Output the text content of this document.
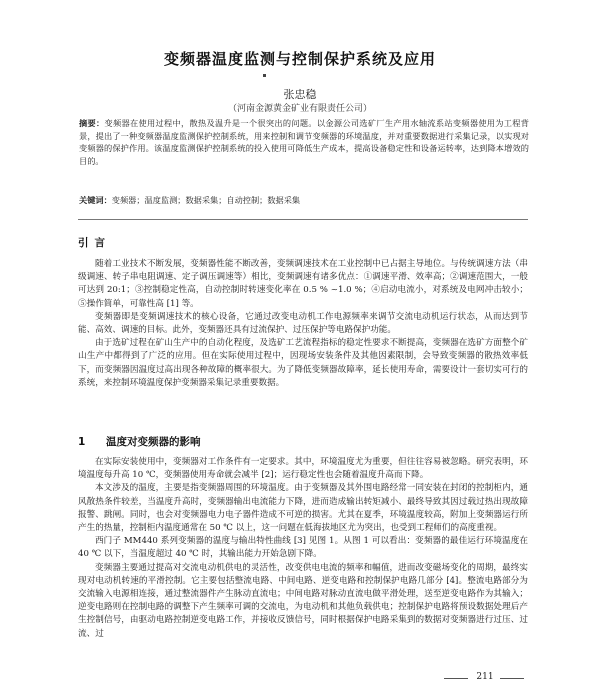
变频器温度监测与控制保护系统及应用
张忠稳
（河南金源黄金矿业有限责任公司）
摘要：变频器在使用过程中，散热及温升是一个很突出的问题。以金源公司选矿厂生产用水轴流系站变频器使用为工程背景，提出了一种变频器温度监测保护控制系统，用来控制和调节变频器的环境温度，并对重要数据进行采集记录，以实现对变频器的保护作用。该温度监测保护控制系统的投入使用可降低生产成本，提高设备稳定性和设备运转率，达到降本增效的目的。
关键词：变频器；温度监测；数据采集；自动控制；数据采集
引言

随着工业技术不断发展，变频器性能不断改善，变频调速技术在工业控制中已占据主导地位。与传统调速方法（串级调速、转子串电阻调速、定子调压调速等）相比，变频调速有诸多优点：①调速平滑、效率高；②调速范围大，一般可达到 20:1；③控制稳定性高，自动控制时转速变化率在 0.5 % ~1.0 %；④启动电流小，对系统及电网冲击较小；⑤操作简单，可靠性高 [1] 等。

变频器即是变频调速技术的核心设备，它通过改变电动机工作电源频率来调节交流电动机运行状态，从而达到节能、高效、调速的目标。此外，变频器还具有过流保护、过压保护等电路保护功能。

由于选矿过程在矿山生产中的自动化程度，及选矿工艺流程指标的稳定性要求不断提高，变频器在选矿方面整个矿山生产中都得到了广泛的应用。但在实际使用过程中，因现场安装条件及其他因素限制，会导致变频器的散热效率低下，而变频器因温度过高出现各种故障的概率很大。为了降低变频器故障率，延长使用寿命，需要设计一套切实可行的系统，来控制环境温度保护变频器采集记录重要数据。

1 温度对变频器的影响

在实际安装使用中，变频器对工作条件有一定要求。其中，环境温度尤为重要，但往往容易被忽略。研究表明，环境温度每升高 10 ℃，变频器使用寿命就会减半 [2]；运行稳定性也会随着温度升高而下降。

本文涉及的温度，主要是指变频器周围的环境温度。由于变频器及其外围电路经常一同安装在封闭的控制柜内，通风散热条件较差，当温度升高时，变频器输出电流能力下降，进而造成输出转矩减小、最终导致其因过载过热出现故障报警、跳闸。同时，也会对变频器电力电子器件造成不可逆的损害。尤其在夏季，环境温度较高，附加上变频器运行所产生的热量，控制柜内温度通常在 50 ℃ 以上，这一问题在低海拔地区尤为突出，也受到工程师们的高度重视。

西门子 MM440 系列变频器的温度与输出特性曲线 [3] 见图 1。从图 1 可以看出：变频器的最佳运行环境温度在 40 ℃ 以下，当温度超过 40 ℃ 时，其输出能力开始急剧下降。

变频器主要通过提高对交流电动机供电的灵活性，改变供电电流的频率和幅值，进而改变磁场变化的周期，最终实现对电动机转速的平滑控制。它主要包括整流电路、中间电路、逆变电路和控制保护电路几部分 [4]。整流电路部分为交流输入电源相连接，通过整流器件产生脉动直流电；中间电路对脉动直流电做平滑处理，送至逆变电路作为其输入；逆变电路则在控制电路的调整下产生频率可调的交流电，为电动机和其他负载供电；控制保护电路将预设数据处理后产生控制信号，由驱动电路控制逆变电路工作，并接收反馈信号，同时根据保护电路采集到的数据对变频器进行过压、过流、过

211
